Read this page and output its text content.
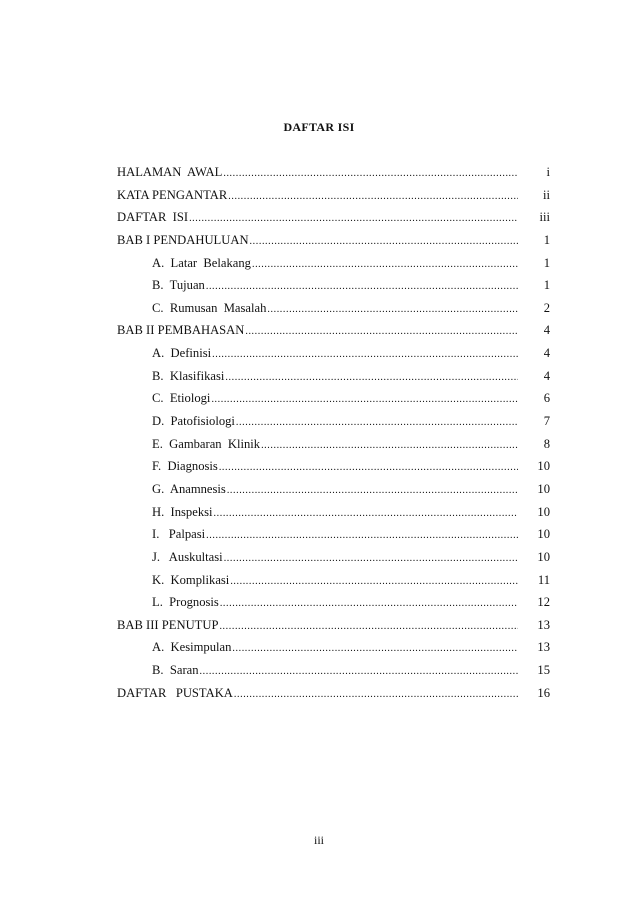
DAFTAR ISI
HALAMAN  AWAL .....	i
KATA PENGANTAR .....	ii
DAFTAR  ISI .....	iii
BAB I PENDAHULUAN .....	1
A.  Latar  Belakang .....	1
B.  Tujuan .....	1
C.  Rumusan  Masalah .....	2
BAB II PEMBAHASAN .....	4
A.  Definisi .....	4
B.  Klasifikasi .....	4
C.  Etiologi .....	6
D.  Patofisiologi .....	7
E.  Gambaran  Klinik .....	8
F.  Diagnosis .....	10
G.  Anamnesis .....	10
H.  Inspeksi .....	10
I.   Palpasi .....	10
J.   Auskultasi .....	10
K.  Komplikasi .....	11
L.  Prognosis .....	12
BAB III PENUTUP .....	13
A.  Kesimpulan .....	13
B.  Saran .....	15
DAFTAR   PUSTAKA .....	16
iii
